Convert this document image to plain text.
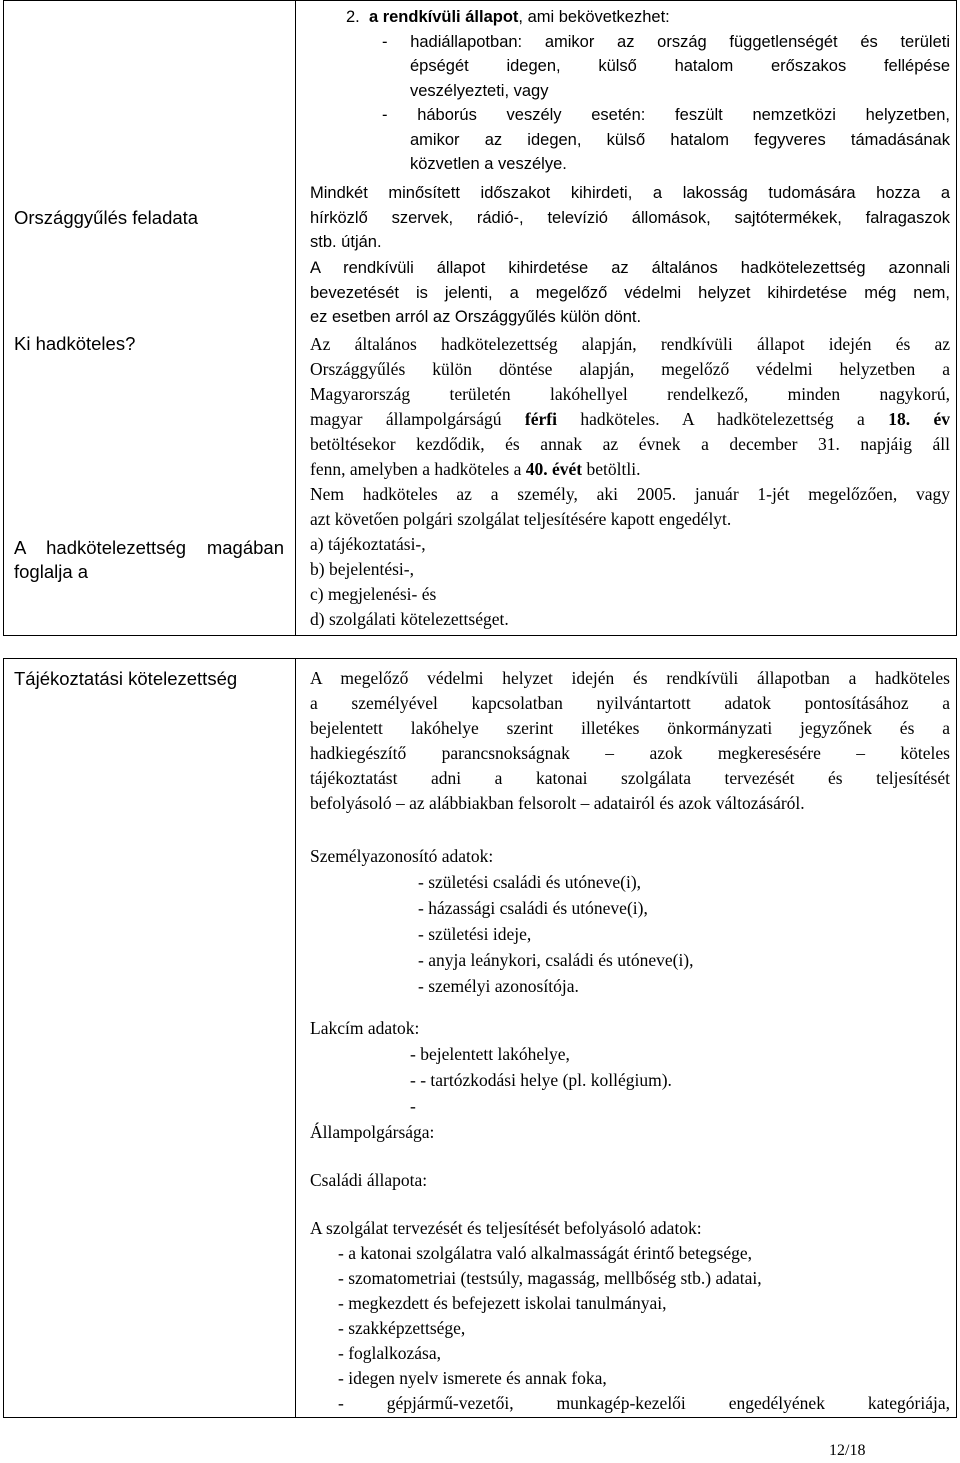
Országgyűlés feladata
Ki hadköteles?
A hadkötelezettség magában
foglalja a
2. a rendkívüli állapot, ami bekövetkezhet:
- hadiállapotban: amikor az ország függetlenségét és területi
épségét idegen, külső hatalom erőszakos fellépése
veszélyezteti, vagy
- háborús veszély esetén: feszült nemzetközi helyzetben,
amikor az idegen, külső hatalom fegyveres támadásának
közvetlen a veszélye.
Mindkét minősített időszakot kihirdeti, a lakosság tudomására hozza a
hírközlő szervek, rádió-, televízió állomások, sajtótermékek, falragaszok
stb. útján.
A rendkívüli állapot kihirdetése az általános hadkötelezettség azonnali
bevezetését is jelenti, a megelőző védelmi helyzet kihirdetése még nem,
ez esetben arról az Országgyűlés külön dönt.
Az általános hadkötelezettség alapján, rendkívüli állapot idején és az
Országgyűlés külön döntése alapján, megelőző védelmi helyzetben a
Magyarország területén lakóhellyel rendelkező, minden nagykorú,
magyar állampolgárságú férfi hadköteles. A hadkötelezettség a 18. év
betöltésekor kezdődik, és annak az évnek a december 31. napjáig áll
fenn, amelyben a hadköteles a 40. évét betöltli.
Nem hadköteles az a személy, aki 2005. január 1-jét megelőzően, vagy
azt követően polgári szolgálat teljesítésére kapott engedélyt.
a) tájékoztatási-,
b) bejelentési-,
c) megjelenési- és
d) szolgálati kötelezettséget.
Tájékoztatási kötelezettség	A megelőző védelmi helyzet idején és rendkívüli állapotban a hadköteles
a személyével kapcsolatban nyilvántartott adatok pontosításához a
bejelentett lakóhelye szerint illetékes önkormányzati jegyzőnek és a
hadkiegészítő parancsnokságnak – azok megkeresésére – köteles
tájékoztatást adni a katonai szolgálata tervezését és teljesítését
befolyásoló – az alábbiakban felsorolt – adatairól és azok változásáról.
Személyazonosító adatok:
- születési családi és utóneve(i),
- házassági családi és utóneve(i),
- születési ideje,
- anyja leánykori, családi és utóneve(i),
- személyi azonosítója.
Lakcím adatok:
- bejelentett lakóhelye,
- - tartózkodási helye (pl. kollégium).
-
Állampolgársága:
Családi állapota:
A szolgálat tervezését és teljesítését befolyásoló adatok:
- a katonai szolgálatra való alkalmasságát érintő betegsége,
- szomatometriai (testsúly, magasság, mellbőség stb.) adatai,
- megkezdett és befejezett iskolai tanulmányai,
- szakképzettsége,
- foglalkozása,
- idegen nyelv ismerete és annak foka,
- gépjármű-vezetői, munkagép-kezelői engedélyének kategóriája,
12/18
